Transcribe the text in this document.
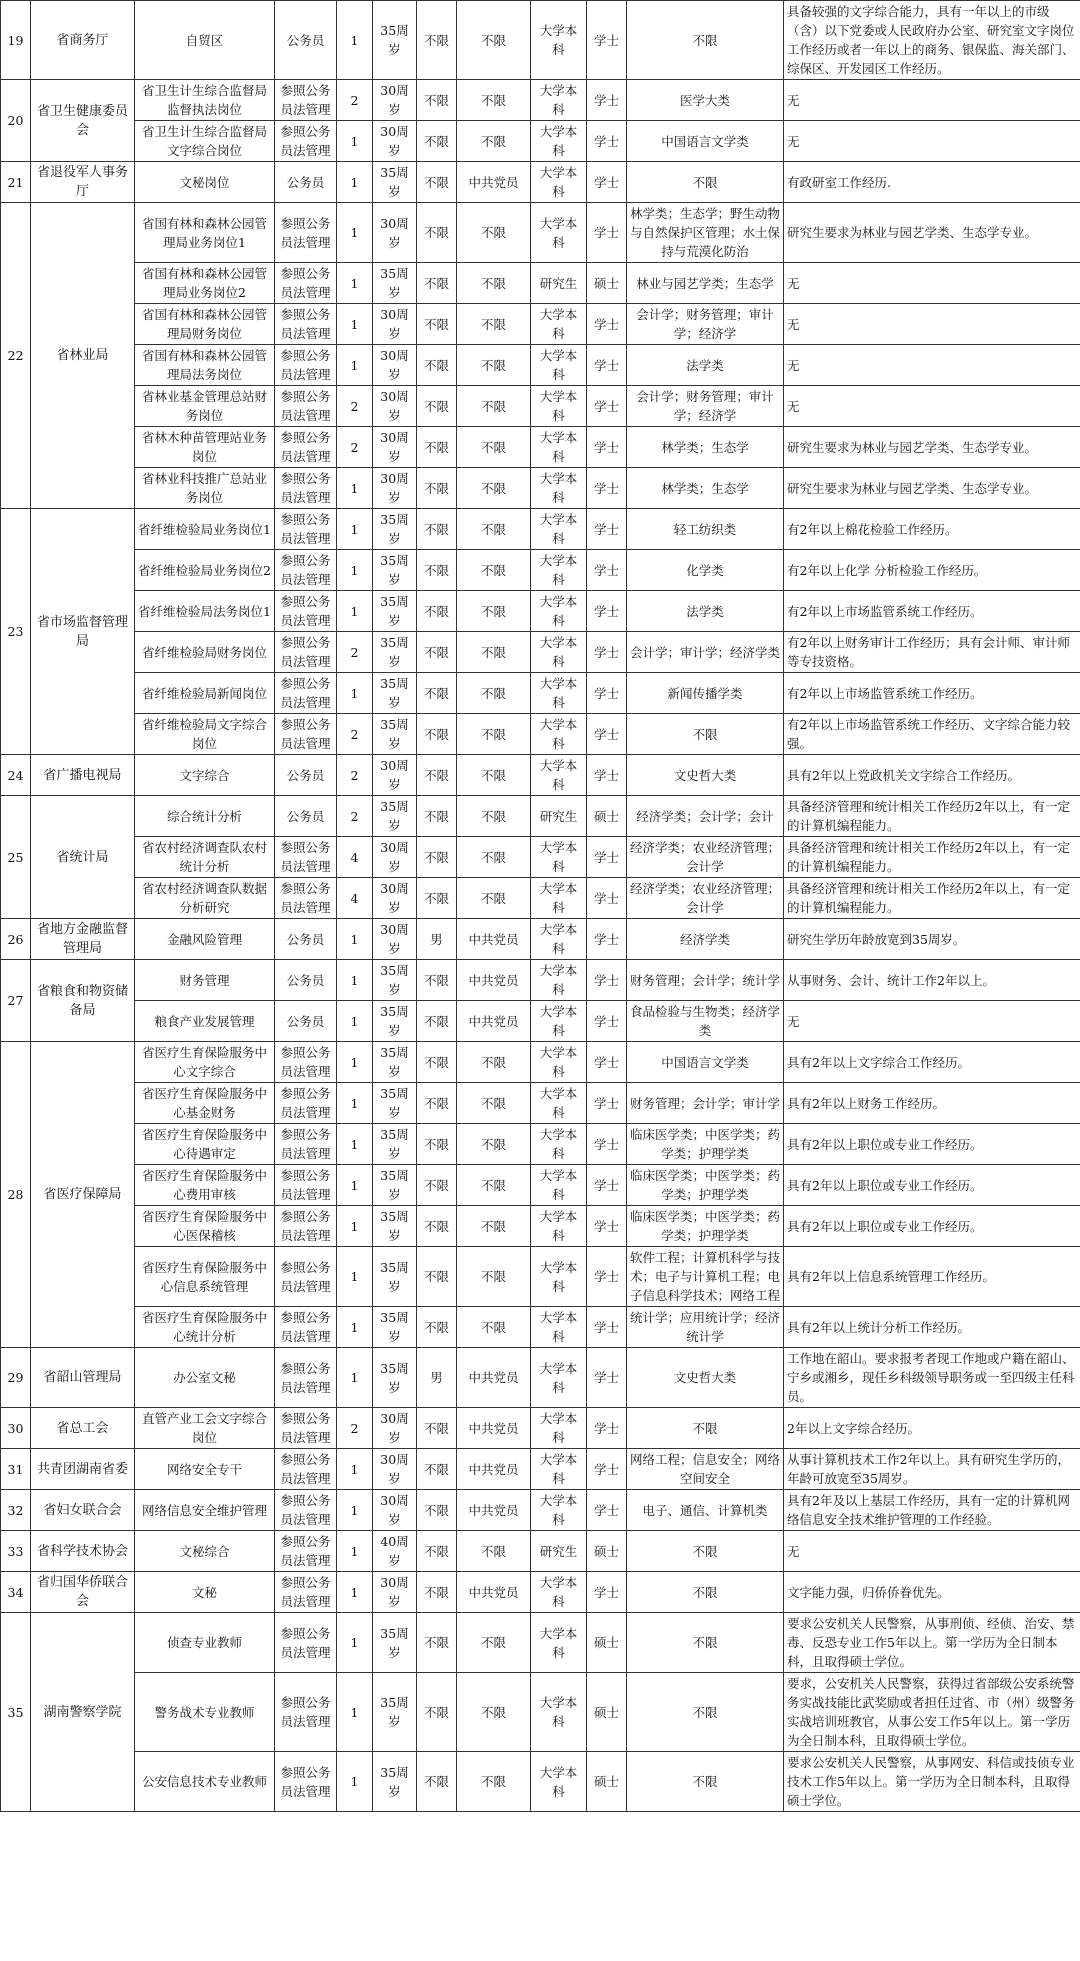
19	省商务厅	自贸区	公务员	1	35周岁	不限	不限	大学本科	学士	不限	具备较强的文字综合能力，具有一年以上的市级（含）以下党委或人民政府办公室、研究室文字岗位工作经历或者一年以上的商务、银保监、海关部门、综保区、开发园区工作经历。
20	省卫生健康委员会	省卫生计生综合监督局监督执法岗位	参照公务员法管理	2	30周岁	不限	不限	大学本科	学士	医学大类	无
		省卫生计生综合监督局文字综合岗位	参照公务员法管理	1	30周岁	不限	不限	大学本科	学士	中国语言文学类	无
21	省退役军人事务厅	文秘岗位	公务员	1	35周岁	不限	中共党员	大学本科	学士	不限	有政研室工作经历.
22	省林业局	省国有林和森林公园管理局业务岗位1	参照公务员法管理	1	30周岁	不限	不限	大学本科	学士	林学类；生态学；野生动物与自然保护区管理；水土保持与荒漠化防治	研究生要求为林业与园艺学类、生态学专业。
		省国有林和森林公园管理局业务岗位2	参照公务员法管理	1	35周岁	不限	不限	研究生	硕士	林业与园艺学类；生态学	无
		省国有林和森林公园管理局财务岗位	参照公务员法管理	1	30周岁	不限	不限	大学本科	学士	会计学；财务管理；审计学；经济学	无
		省国有林和森林公园管理局法务岗位	参照公务员法管理	1	30周岁	不限	不限	大学本科	学士	法学类	无
		省林业基金管理总站财务岗位	参照公务员法管理	2	30周岁	不限	不限	大学本科	学士	会计学；财务管理；审计学；经济学	无
		省林木种苗管理站业务岗位	参照公务员法管理	2	30周岁	不限	不限	大学本科	学士	林学类；生态学	研究生要求为林业与园艺学类、生态学专业。
		省林业科技推广总站业务岗位	参照公务员法管理	1	30周岁	不限	不限	大学本科	学士	林学类；生态学	研究生要求为林业与园艺学类、生态学专业。
23	省市场监督管理局	省纤维检验局业务岗位1	参照公务员法管理	1	35周岁	不限	不限	大学本科	学士	轻工纺织类	有2年以上棉花检验工作经历。
		省纤维检验局业务岗位2	参照公务员法管理	1	35周岁	不限	不限	大学本科	学士	化学类	有2年以上化学 分析检验工作经历。
		省纤维检验局法务岗位1	参照公务员法管理	1	35周岁	不限	不限	大学本科	学士	法学类	有2年以上市场监管系统工作经历。
		省纤维检验局财务岗位	参照公务员法管理	2	35周岁	不限	不限	大学本科	学士	会计学；审计学；经济学类	有2年以上财务审计工作经历；具有会计师、审计师等专技资格。
		省纤维检验局新闻岗位	参照公务员法管理	1	35周岁	不限	不限	大学本科	学士	新闻传播学类	有2年以上市场监管系统工作经历。
		省纤维检验局文字综合岗位	参照公务员法管理	2	35周岁	不限	不限	大学本科	学士	不限	有2年以上市场监管系统工作经历、文字综合能力较强。
24	省广播电视局	文字综合	公务员	2	30周岁	不限	不限	大学本科	学士	文史哲大类	具有2年以上党政机关文字综合工作经历。
25	省统计局	综合统计分析	公务员	2	35周岁	不限	不限	研究生	硕士	经济学类；会计学；会计	具备经济管理和统计相关工作经历2年以上，有一定的计算机编程能力。
		省农村经济调查队农村统计分析	参照公务员法管理	4	30周岁	不限	不限	大学本科	学士	经济学类；农业经济管理；会计学	具备经济管理和统计相关工作经历2年以上，有一定的计算机编程能力。
		省农村经济调查队数据分析研究	参照公务员法管理	4	30周岁	不限	不限	大学本科	学士	经济学类；农业经济管理；会计学	具备经济管理和统计相关工作经历2年以上，有一定的计算机编程能力。
26	省地方金融监督管理局	金融风险管理	公务员	1	30周岁	男	中共党员	大学本科	学士	经济学类	研究生学历年龄放宽到35周岁。
27	省粮食和物资储备局	财务管理	公务员	1	35周岁	不限	中共党员	大学本科	学士	财务管理；会计学；统计学	从事财务、会计、统计工作2年以上。
		粮食产业发展管理	公务员	1	35周岁	不限	中共党员	大学本科	学士	食品检验与生物类；经济学类	无
28	省医疗保障局	省医疗生育保险服务中心文字综合	参照公务员法管理	1	35周岁	不限	不限	大学本科	学士	中国语言文学类	具有2年以上文字综合工作经历。
		省医疗生育保险服务中心基金财务	参照公务员法管理	1	35周岁	不限	不限	大学本科	学士	财务管理；会计学；审计学	具有2年以上财务工作经历。
		省医疗生育保险服务中心待遇审定	参照公务员法管理	1	35周岁	不限	不限	大学本科	学士	临床医学类；中医学类；药学类；护理学类	具有2年以上职位或专业工作经历。
		省医疗生育保险服务中心费用审核	参照公务员法管理	1	35周岁	不限	不限	大学本科	学士	临床医学类；中医学类；药学类；护理学类	具有2年以上职位或专业工作经历。
		省医疗生育保险服务中心医保稽核	参照公务员法管理	1	35周岁	不限	不限	大学本科	学士	临床医学类；中医学类；药学类；护理学类	具有2年以上职位或专业工作经历。
		省医疗生育保险服务中心信息系统管理	参照公务员法管理	1	35周岁	不限	不限	大学本科	学士	软件工程；计算机科学与技术；电子与计算机工程；电子信息科学技术；网络工程	具有2年以上信息系统管理工作经历。
		省医疗生育保险服务中心统计分析	参照公务员法管理	1	35周岁	不限	不限	大学本科	学士	统计学；应用统计学；经济统计学	具有2年以上统计分析工作经历。
29	省韶山管理局	办公室文秘	参照公务员法管理	1	35周岁	男	中共党员	大学本科	学士	文史哲大类	工作地在韶山。要求报考者现工作地或户籍在韶山、宁乡或湘乡，现任乡科级领导职务或一至四级主任科员。
30	省总工会	直管产业工会文字综合岗位	参照公务员法管理	2	30周岁	不限	中共党员	大学本科	学士	不限	2年以上文字综合经历。
31	共青团湖南省委	网络安全专干	参照公务员法管理	1	30周岁	不限	中共党员	大学本科	学士	网络工程；信息安全；网络空间安全	从事计算机技术工作2年以上。具有研究生学历的，年龄可放宽至35周岁。
32	省妇女联合会	网络信息安全维护管理	参照公务员法管理	1	30周岁	不限	中共党员	大学本科	学士	电子、通信、计算机类	具有2年及以上基层工作经历，具有一定的计算机网络信息安全技术维护管理的工作经验。
33	省科学技术协会	文秘综合	参照公务员法管理	1	40周岁	不限	不限	研究生	硕士	不限	无
34	省归国华侨联合会	文秘	参照公务员法管理	1	30周岁	不限	中共党员	大学本科	学士	不限	文字能力强，归侨侨眷优先。
35	湖南警察学院	侦查专业教师	参照公务员法管理	1	35周岁	不限	不限	大学本科	硕士	不限	要求公安机关人民警察，从事刑侦、经侦、治安、禁毒、反恐专业工作5年以上。第一学历为全日制本科，且取得硕士学位。
		警务战术专业教师	参照公务员法管理	1	35周岁	不限	不限	大学本科	硕士	不限	要求，公安机关人民警察，获得过省部级公安系统警务实战技能比武奖励或者担任过省、市（州）级警务实战培训班教官，从事公安工作5年以上。第一学历为全日制本科，且取得硕士学位。
		公安信息技术专业教师	参照公务员法管理	1	35周岁	不限	不限	大学本科	硕士	不限	要求公安机关人民警察，从事网安、科信或技侦专业技术工作5年以上。第一学历为全日制本科，且取得硕士学位。
